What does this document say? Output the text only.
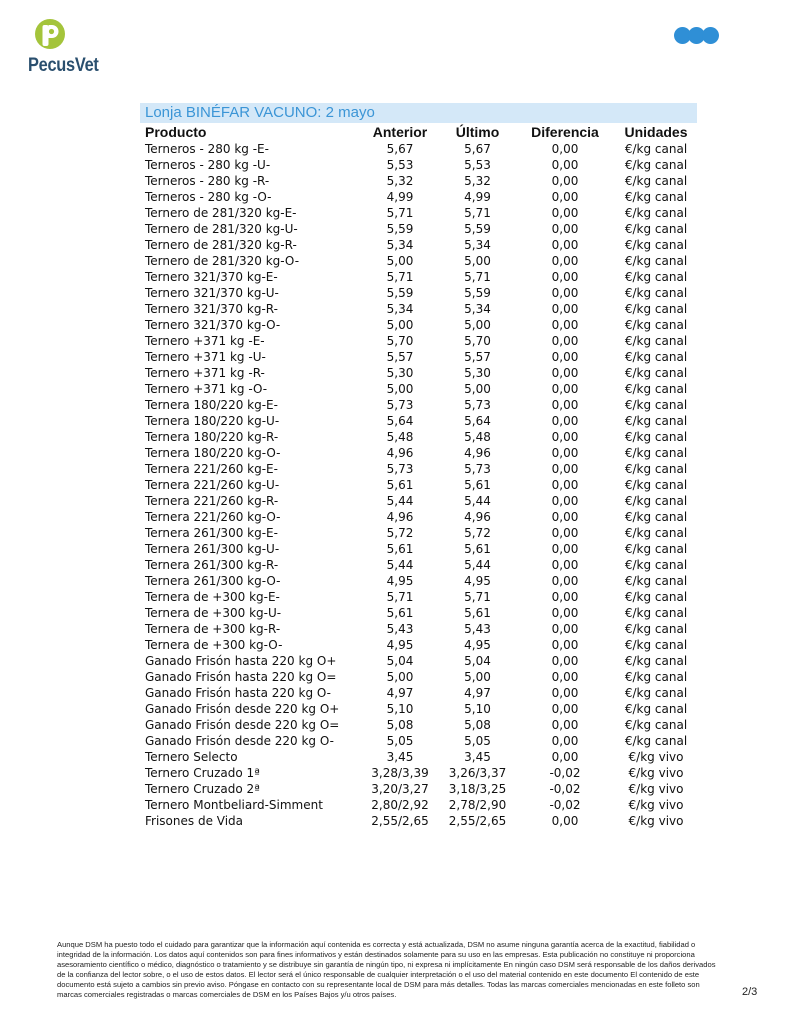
PecusVet
Lonja BINÉFAR VACUNO: 2 mayo
Producto	Anterior	Último	Diferencia	Unidades
Terneros - 280 kg -E-	5,67	5,67	0,00	€/kg canal
Terneros - 280 kg -U-	5,53	5,53	0,00	€/kg canal
Terneros - 280 kg -R-	5,32	5,32	0,00	€/kg canal
Terneros - 280 kg -O-	4,99	4,99	0,00	€/kg canal
Ternero de 281/320 kg-E-	5,71	5,71	0,00	€/kg canal
Ternero de 281/320 kg-U-	5,59	5,59	0,00	€/kg canal
Ternero de 281/320 kg-R-	5,34	5,34	0,00	€/kg canal
Ternero de 281/320 kg-O-	5,00	5,00	0,00	€/kg canal
Ternero 321/370 kg-E-	5,71	5,71	0,00	€/kg canal
Ternero 321/370 kg-U-	5,59	5,59	0,00	€/kg canal
Ternero 321/370 kg-R-	5,34	5,34	0,00	€/kg canal
Ternero 321/370 kg-O-	5,00	5,00	0,00	€/kg canal
Ternero +371 kg -E-	5,70	5,70	0,00	€/kg canal
Ternero +371 kg -U-	5,57	5,57	0,00	€/kg canal
Ternero +371 kg -R-	5,30	5,30	0,00	€/kg canal
Ternero +371 kg -O-	5,00	5,00	0,00	€/kg canal
Ternera 180/220 kg-E-	5,73	5,73	0,00	€/kg canal
Ternera 180/220 kg-U-	5,64	5,64	0,00	€/kg canal
Ternera 180/220 kg-R-	5,48	5,48	0,00	€/kg canal
Ternera 180/220 kg-O-	4,96	4,96	0,00	€/kg canal
Ternera 221/260 kg-E-	5,73	5,73	0,00	€/kg canal
Ternera 221/260 kg-U-	5,61	5,61	0,00	€/kg canal
Ternera 221/260 kg-R-	5,44	5,44	0,00	€/kg canal
Ternera 221/260 kg-O-	4,96	4,96	0,00	€/kg canal
Ternera 261/300 kg-E-	5,72	5,72	0,00	€/kg canal
Ternera 261/300 kg-U-	5,61	5,61	0,00	€/kg canal
Ternera 261/300 kg-R-	5,44	5,44	0,00	€/kg canal
Ternera 261/300 kg-O-	4,95	4,95	0,00	€/kg canal
Ternera de +300 kg-E-	5,71	5,71	0,00	€/kg canal
Ternera de +300 kg-U-	5,61	5,61	0,00	€/kg canal
Ternera de +300 kg-R-	5,43	5,43	0,00	€/kg canal
Ternera de +300 kg-O-	4,95	4,95	0,00	€/kg canal
Ganado Frisón hasta 220 kg O+	5,04	5,04	0,00	€/kg canal
Ganado Frisón hasta 220 kg O=	5,00	5,00	0,00	€/kg canal
Ganado Frisón hasta 220 kg O-	4,97	4,97	0,00	€/kg canal
Ganado Frisón desde 220 kg O+	5,10	5,10	0,00	€/kg canal
Ganado Frisón desde 220 kg O=	5,08	5,08	0,00	€/kg canal
Ganado Frisón desde 220 kg O-	5,05	5,05	0,00	€/kg canal
Ternero Selecto	3,45	3,45	0,00	€/kg vivo
Ternero Cruzado 1ª	3,28/3,39	3,26/3,37	-0,02	€/kg vivo
Ternero Cruzado 2ª	3,20/3,27	3,18/3,25	-0,02	€/kg vivo
Ternero Montbeliard-Simment	2,80/2,92	2,78/2,90	-0,02	€/kg vivo
Frisones de Vida	2,55/2,65	2,55/2,65	0,00	€/kg vivo
Aunque DSM ha puesto todo el cuidado para garantizar que la información aquí contenida es correcta y está actualizada, DSM no asume ninguna garantía acerca de la exactitud, fiabilidad o integridad de la información. Los datos aquí contenidos son para fines informativos y están destinados solamente para su uso en las empresas. Esta publicación no constituye ni proporciona asesoramiento científico o médico, diagnóstico o tratamiento y se distribuye sin garantía de ningún tipo, ni expresa ni implícitamente En ningún caso DSM será responsable de los daños derivados de la confianza del lector sobre, o el uso de estos datos. El lector será el único responsable de cualquier interpretación o el uso del material contenido en este documento El contenido de este documento está sujeto a cambios sin previo aviso. Póngase en contacto con su representante local de DSM para más detalles. Todas las marcas comerciales mencionadas en este folleto son marcas comerciales registradas o marcas comerciales de DSM en los Países Bajos y/u otros países.	2/3
